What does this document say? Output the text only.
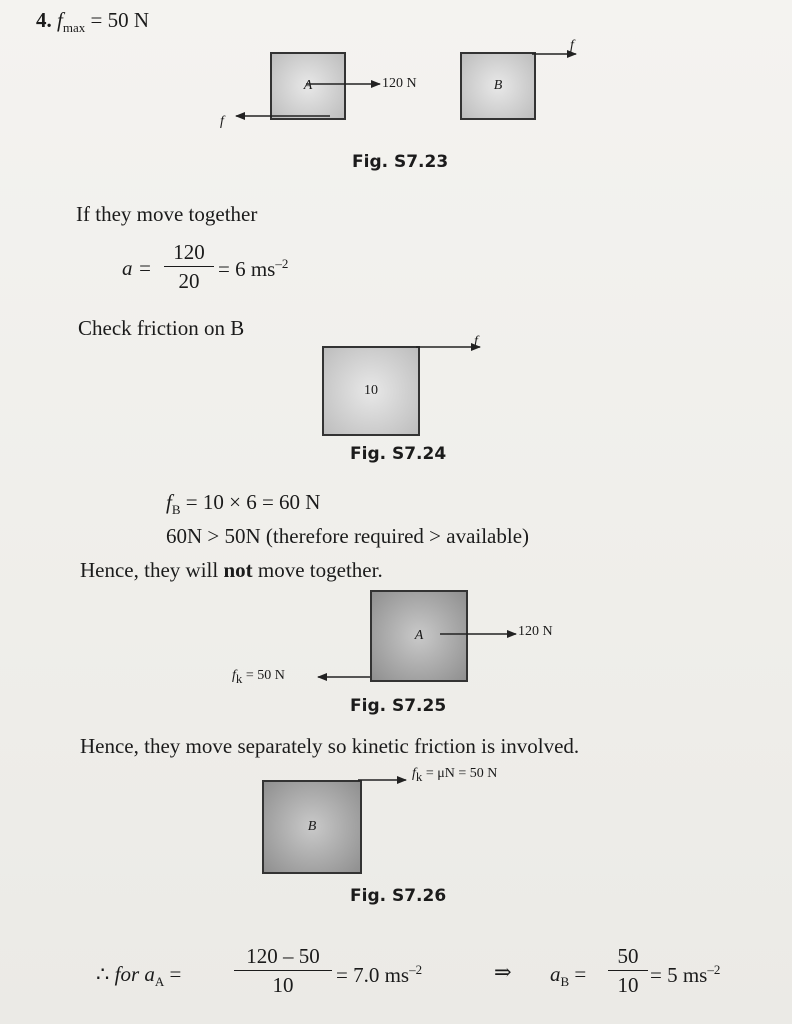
4. $f_{max} = 50$ N
A	B
120 N
f
f
Fig. S7.23
If they move together
a =
120
20 = 6 $ms^{-2}$
Check friction on B
10
f
Fig. S7.24
$f_B = 10 \times 6 = 60$ N
60N > 50N (therefore required > available)
Hence, they will not move together.
A	120 N
$f_k = 50$ N
Fig. S7.25
Hence, they move separately so kinetic friction is involved.
B
$f_k = \mu N = 50$ N
Fig. S7.26
∴ for $a_A$ =
120 – 50
10	= 7.0 $ms^{-2}$	⇒ $a_B$ =
50
10 = 5 $ms^{-2}$
